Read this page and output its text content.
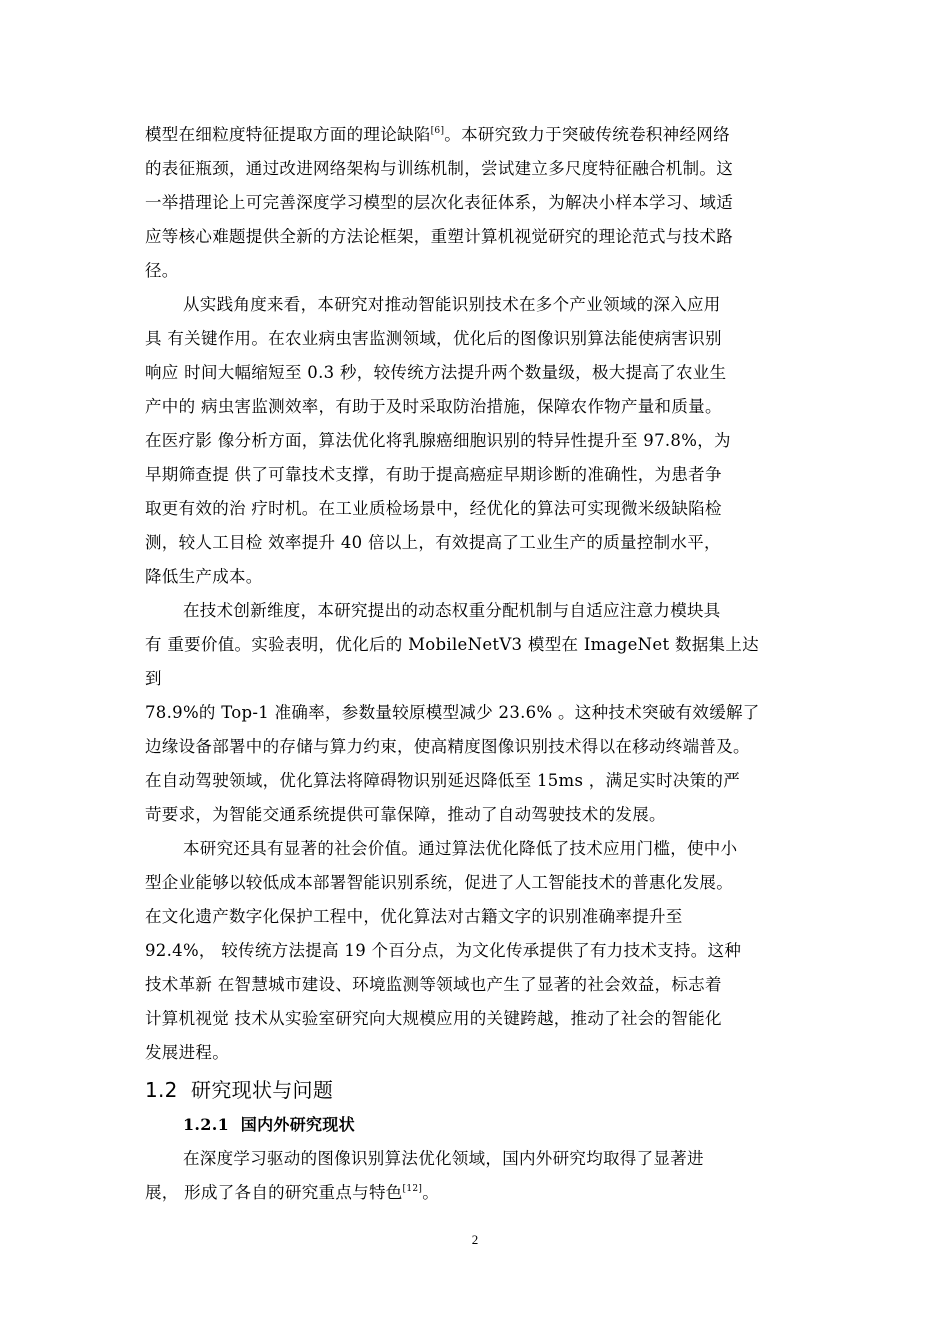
模型在细粒度特征提取方面的理论缺陷[6]。本研究致力于突破传统卷积神经网络
的表征瓶颈，通过改进网络架构与训练机制，尝试建立多尺度特征融合机制。这
一举措理论上可完善深度学习模型的层次化表征体系，为解决小样本学习、域适
应等核心难题提供全新的方法论框架，重塑计算机视觉研究的理论范式与技术路
径。
从实践角度来看，本研究对推动智能识别技术在多个产业领域的深入应用
具 有关键作用。在农业病虫害监测领域，优化后的图像识别算法能使病害识别
响应 时间大幅缩短至 0.3 秒，较传统方法提升两个数量级，极大提高了农业生
产中的 病虫害监测效率，有助于及时采取防治措施，保障农作物产量和质量。
在医疗影 像分析方面，算法优化将乳腺癌细胞识别的特异性提升至 97.8%，为
早期筛查提 供了可靠技术支撑，有助于提高癌症早期诊断的准确性，为患者争
取更有效的治 疗时机。在工业质检场景中，经优化的算法可实现微米级缺陷检
测，较人工目检 效率提升 40 倍以上，有效提高了工业生产的质量控制水平，
降低生产成本。
在技术创新维度，本研究提出的动态权重分配机制与自适应注意力模块具
有 重要价值。实验表明，优化后的 MobileNetV3 模型在 ImageNet 数据集上达
到
78.9%的 Top-1 准确率，参数量较原模型减少 23.6% 。这种技术突破有效缓解了
边缘设备部署中的存储与算力约束，使高精度图像识别技术得以在移动终端普及。
在自动驾驶领域，优化算法将障碍物识别延迟降低至 15ms ，满足实时决策的严
苛要求，为智能交通系统提供可靠保障，推动了自动驾驶技术的发展。
本研究还具有显著的社会价值。通过算法优化降低了技术应用门槛，使中小
型企业能够以较低成本部署智能识别系统，促进了人工智能技术的普惠化发展。
在文化遗产数字化保护工程中，优化算法对古籍文字的识别准确率提升至
92.4%， 较传统方法提高 19 个百分点，为文化传承提供了有力技术支持。这种
技术革新 在智慧城市建设、环境监测等领域也产生了显著的社会效益，标志着
计算机视觉 技术从实验室研究向大规模应用的关键跨越，推动了社会的智能化
发展进程。
1.2 研究现状与问题
1.2.1 国内外研究现状
在深度学习驱动的图像识别算法优化领域，国内外研究均取得了显著进
展， 形成了各自的研究重点与特色[12]。
2
